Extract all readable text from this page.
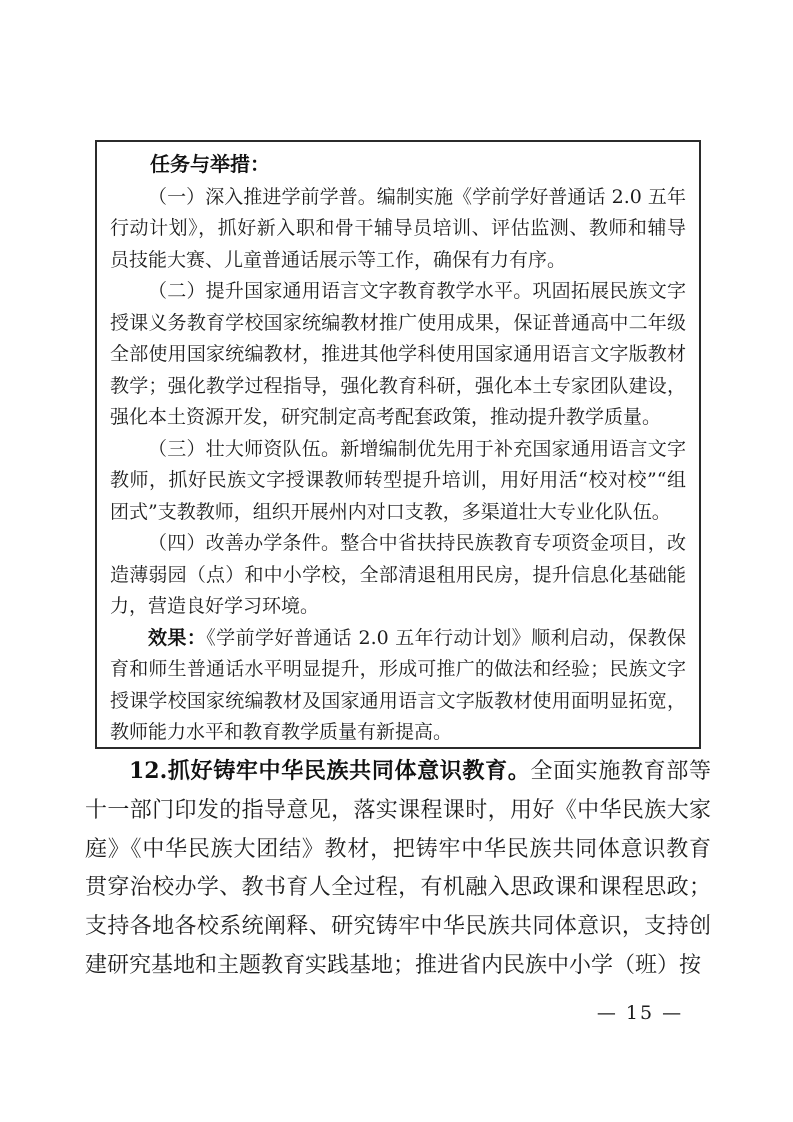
任务与举措：

（一）深入推进学前学普。编制实施《学前学好普通话 2.0 五年行动计划》，抓好新入职和骨干辅导员培训、评估监测、教师和辅导员技能大赛、儿童普通话展示等工作，确保有力有序。

（二）提升国家通用语言文字教育教学水平。巩固拓展民族文字授课义务教育学校国家统编教材推广使用成果，保证普通高中二年级全部使用国家统编教材，推进其他学科使用国家通用语言文字版教材教学；强化教学过程指导，强化教育科研，强化本土专家团队建设，强化本土资源开发，研究制定高考配套政策，推动提升教学质量。

（三）壮大师资队伍。新增编制优先用于补充国家通用语言文字教师，抓好民族文字授课教师转型提升培训，用好用活“校对校”“组团式”支教教师，组织开展州内对口支教，多渠道壮大专业化队伍。

（四）改善办学条件。整合中省扶持民族教育专项资金项目，改造薄弱园（点）和中小学校，全部清退租用民房，提升信息化基础能力，营造良好学习环境。

效果：《学前学好普通话 2.0 五年行动计划》顺利启动，保教保育和师生普通话水平明显提升，形成可推广的做法和经验；民族文字授课学校国家统编教材及国家通用语言文字版教材使用面明显拓宽，教师能力水平和教育教学质量有新提高。

12.抓好铸牢中华民族共同体意识教育。全面实施教育部等十一部门印发的指导意见，落实课程课时，用好《中华民族大家庭》《中华民族大团结》教材，把铸牢中华民族共同体意识教育贯穿治校办学、教书育人全过程，有机融入思政课和课程思政；支持各地各校系统阐释、研究铸牢中华民族共同体意识，支持创建研究基地和主题教育实践基地；推进省内民族中小学（班）按

— 15 —
